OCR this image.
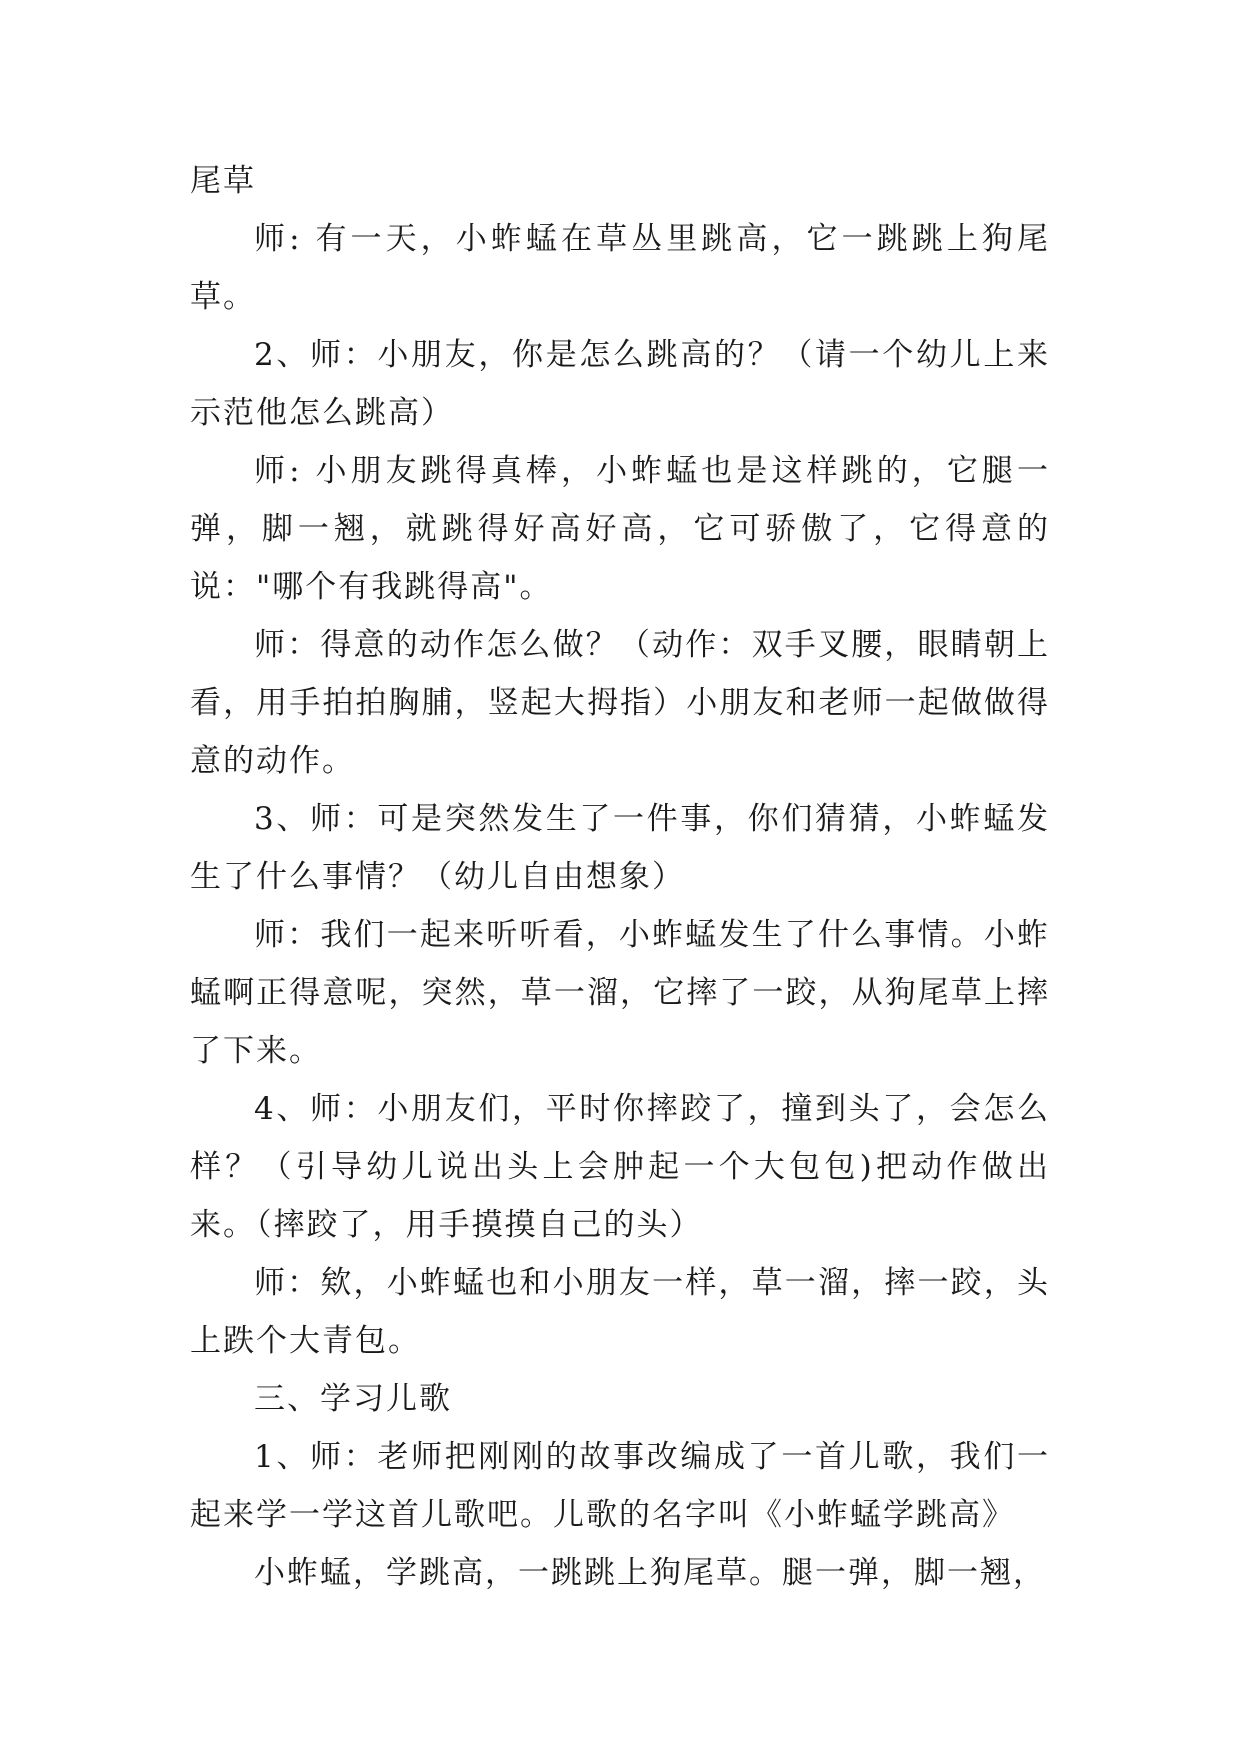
尾草

师: 有一天，小蚱蜢在草丛里跳高，它一跳跳上狗尾草。

2、师：小朋友，你是怎么跳高的？（请一个幼儿上来示范他怎么跳高）

师: 小朋友跳得真棒，小蚱蜢也是这样跳的，它腿一弹，脚一翘，就跳得好高好高，它可骄傲了，它得意的说："哪个有我跳得高"。

师：得意的动作怎么做？（动作：双手叉腰，眼睛朝上看，用手拍拍胸脯，竖起大拇指）小朋友和老师一起做做得意的动作。

3、师：可是突然发生了一件事，你们猜猜，小蚱蜢发生了什么事情？（幼儿自由想象）

师：我们一起来听听看，小蚱蜢发生了什么事情。小蚱蜢啊正得意呢，突然，草一溜，它摔了一跤，从狗尾草上摔了下来。

4、师：小朋友们，平时你摔跤了，撞到头了，会怎么样？（引导幼儿说出头上会肿起一个大包包)把动作做出来。（摔跤了，用手摸摸自己的头）

师：欸，小蚱蜢也和小朋友一样，草一溜，摔一跤，头上跌个大青包。

三、学习儿歌

1、师：老师把刚刚的故事改编成了一首儿歌，我们一起来学一学这首儿歌吧。儿歌的名字叫《小蚱蜢学跳高》

小蚱蜢，学跳高，一跳跳上狗尾草。腿一弹，脚一翘，
